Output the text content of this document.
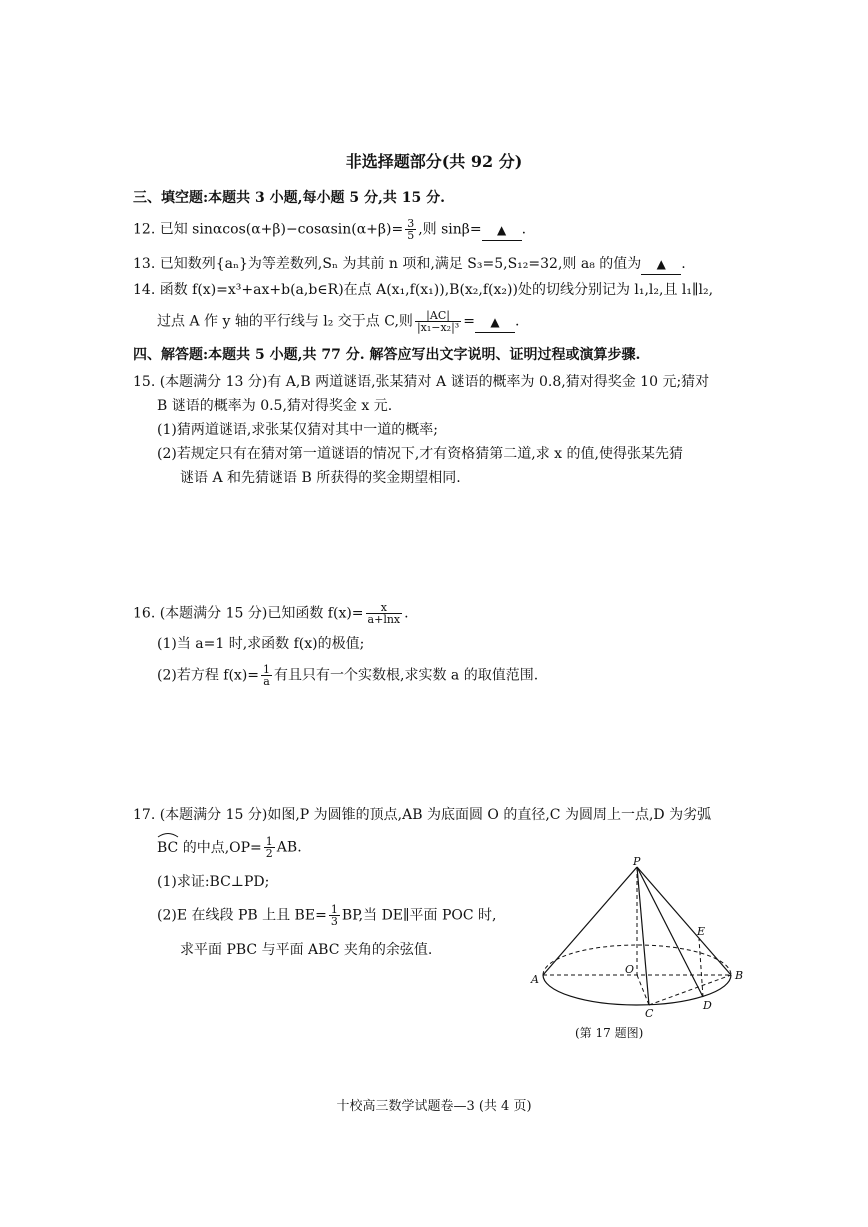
非选择题部分(共 92 分)
三、填空题:本题共 3 小题,每小题 5 分,共 15 分.
12. 已知 $\sin\alpha\cos(\alpha+\beta)-\cos\alpha\sin(\alpha+\beta)= \frac{3}{5}$ ,则 sinβ= ▲ .
13. 已知数列{aₙ}为等差数列,Sₙ 为其前 n 项和,满足 S₃=5,S₁₂=32,则 a₈ 的值为 ▲ .
14. 函数 f(x)=x³+ax+b(a,b∈R)在点 A(x₁,f(x₁)),B(x₂,f(x₂))处的切线分别记为 l₁,l₂,且 l₁∥l₂,
过点 A 作 y 轴的平行线与 l₂ 交于点 C,则 $\frac{|AC|}{\text{|x₁−x₂|³}}$ = ▲ .
四、解答题:本题共 5 小题,共 77 分. 解答应写出文字说明、证明过程或演算步骤.
15. (本题满分 13 分)有 A,B 两道谜语,张某猜对 A 谜语的概率为 0.8,猜对得奖金 10 元;猜对
B 谜语的概率为 0.5,猜对得奖金 x 元.
(1)猜两道谜语,求张某仅猜对其中一道的概率;
(2)若规定只有在猜对第一道谜语的情况下,才有资格猜第二道,求 x 的值,使得张某先猜
谜语 A 和先猜谜语 B 所获得的奖金期望相同.
16. (本题满分 15 分)已知函数 $f(x)= \frac{x}{a+\ln x}$ .
(1)当 a=1 时,求函数 f(x)的极值;
(2)若方程 $f(x)= \frac{1}{a}$ 有且只有一个实数根,求实数 a 的取值范围.
17. (本题满分 15 分)如图,P 为圆锥的顶点,AB 为底面圆 O 的直径,C 为圆周上一点,D 为劣弧
BC 的中点$,OP= \frac{1}{2}$ AB.
(1)求证:BC⊥PD;
(2)E 在线段 PB 上且 $BE= \frac{1}{3}$ BP,当 DE∥平面 POC 时,
求平面 PBC 与平面 ABC 夹角的余弦值.
P
A	B
O
C
D
E
(第 17 题图)
十校高三数学试题卷—3 (共 4 页)
